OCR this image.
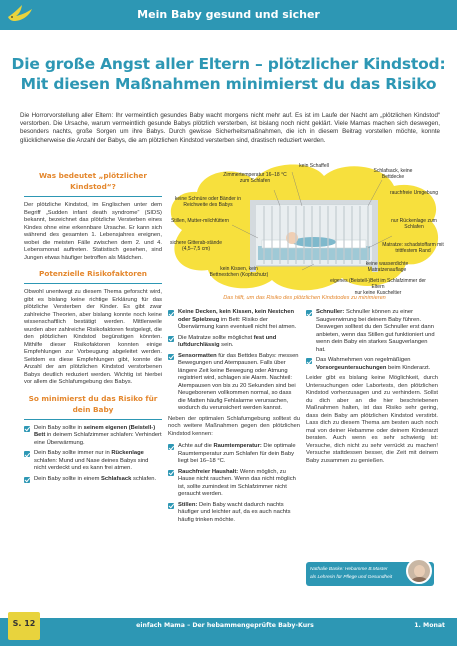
Mein Baby gesund und sicher
Die große Angst aller Eltern – plötzlicher Kindstod:
Mit diesen Maßnahmen minimierst du das Risiko

Die Horrorvorstellung aller Eltern: Ihr vermeintlich gesundes Baby wacht morgens nicht mehr auf. Es ist im Laufe der Nacht am „plötzlichen Kindstod“ verstorben. Die Ursache, warum vermeintlich gesunde Babys plötzlich versterben, ist bislang noch nicht geklärt. Viele Mamas machen sich deswegen, besonders nachts, große Sorgen um ihre Babys. Durch gewisse Sicherheitsmaßnahmen, die ich in diesem Beitrag vorstellen möchte, konnte glücklicherweise die Anzahl der Babys, die am plötzlichen Kindstod versterben sind, drastisch reduziert werden.

Was bedeutet „plötzlicher Kindstod“?

Der plötzliche Kindstod, im Englischen unter dem Begriff „Sudden infant death syndrome“ (SIDS) bekannt, bezeichnet das plötzliche Versterben eines Kindes ohne eine erkennbare Ursache. Er kann sich während des gesamten 1. Lebensjahres ereignen, wobei die meisten Fälle zwischen dem 2. und 4. Lebensmonat auftreten. Statistisch gesehen, sind Jungen etwas häufiger betroffen als Mädchen.

Potenzielle Risikofaktoren

Obwohl unentwegt zu diesem Thema geforscht wird, gibt es bislang keine richtige Erklärung für das plötzliche Versterben der Kinder. Es gibt zwar zahlreiche Theorien, aber bislang konnte noch keine wissenschaftlich bestätigt werden. Mittlerweile wurden aber zahlreiche Risikofaktoren festgelegt, die den plötzlichen Kindstod begünstigen könnten. Mithilfe dieser Risikofaktoren konnten einige Empfehlungen zur Vorbeugung abgeleitet werden. Seitdem es diese Empfehlungen gibt, konnte die Anzahl der am plötzlichen Kindstod verstorbenen Babys deutlich reduziert werden. Wichtig ist hierbei vor allem die Schlafumgebung des Babys.

So minimierst du das Risiko für dein Baby
Dein Baby sollte in seinem eigenen (Beistell-) Bett in deinem Schlafzimmer schlafen: Verhindert eine Überwärmung.
Dein Baby sollte immer nur in Rückenlage schlafen: Mund und Nase deines Babys sind nicht verdeckt und es kann frei atmen.
Dein Baby sollte in einem Schlafsack schlafen.
kein Schaffell
Zimmertemperatur 16–18 °C zum Schlafen
Schlafsack, keine Bettdecke
keine Schnüre oder Bänder in Reichweite des Babys
rauchfreie Umgebung
Stillen, Mutter-milchfüttern	nur Rückenlage zum Schlafen
sichere Gitterab-stände (4,5–7,5 cm)
Matratze: schadstoffarm mit trittfestem Rand
keine wasserdichte Matratzenauflage
kein Kissen, kein Bettnestchen (Kopfschutz)
eigenes (Beistell-)Bett im Schlafzimmer der Eltern
nur keine Kuscheltier
Das hilft, um das Risiko des plötzlichen Kindstodes zu minimieren
Keine Decken, kein Kissen, kein Nestchen oder Spielzeug im Bett: Risiko der Überwärmung kann eventuell nicht frei atmen.
Die Matratze sollte möglichst fest und luftdurchlässig sein.
Sensormatten für das Bettdes Babys: messen Bewegungen und Atempausen. Falls über längere Zeit keine Bewegung oder Atmung registriert wird, schlagen sie Alarm. Nachteil: Atempausen von bis zu 20 Sekunden sind bei Neugeborenen vollkommen normal, so dass die Matten häufig Fehlalarme verursachen, wodurch du verunsichert werden kannst.

Neben der optimalen Schlafumgebung solltest du noch weitere Maßnahmen gegen den plötzlichen Kindstod kennen:

Achte auf die Raumtemperatur: Die optimale Raumtemperatur zum Schlafen für dein Baby liegt bei 16–18 °C.
Rauchfreier Haushalt: Wenn möglich, zu Hause nicht rauchen. Wenn das nicht möglich ist, sollte zumindest im Schlafzimmer nicht geraucht werden.
Stillen: Dein Baby wacht dadurch nachts häufiger und leichter auf, da es auch nachts häufig trinken möchte.
Schnuller: Schnuller können zu einer Saugverwirrung bei deinem Baby führen. Deswegen solltest du den Schnuller erst dann anbieten, wenn das Stillen gut funktioniert und wenn dein Baby ein starkes Saugverlangen hat.
Das Wahrnehmen von regelmäßigen Vorsorgeuntersuchungen beim Kinderarzt.

Leider gibt es bislang keine Möglichkeit, durch Untersuchungen oder Labortests, den plötzlichen Kindstod vorherzusagen und zu verhindern. Sollst du dich aber an die hier beschriebenen Maßnahmen halten, ist das Risiko sehr gering, dass dein Baby am plötzlichen Kindstod verstirbt. Lass dich zu diesem Thema am besten auch noch mal von deiner Hebamme oder deinem Kinderarzt beraten. Auch wenn es sehr schwierig ist: Versuche, dich nicht zu sehr verrückt zu machen! Versuche stattdessen besser, die Zeit mit deinem Baby zusammen zu genießen.

Nathalie Baske: Hebamme B.Master
als Lehrerin für Pflege und Gesundheit
S. 12	einfach Mama – Der hebammengeprüfte Baby-Kurs	1. Monat
